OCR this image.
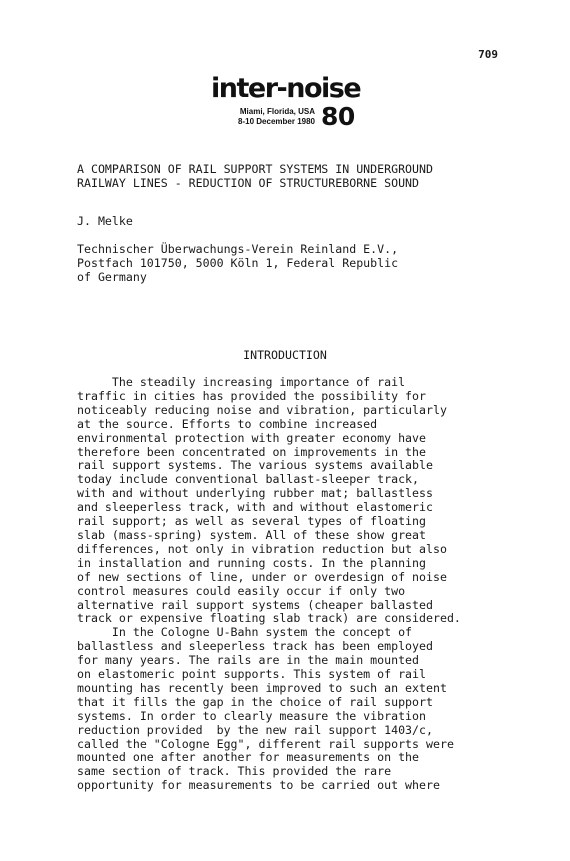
709
inter-noise
Miami, Florida, USA
8-10 December 1980 80
A COMPARISON OF RAIL SUPPORT SYSTEMS IN UNDERGROUND
RAILWAY LINES - REDUCTION OF STRUCTUREBORNE SOUND
J. Melke
Technischer Überwachungs-Verein Reinland E.V.,
Postfach 101750, 5000 Köln 1, Federal Republic
of Germany
INTRODUCTION
The steadily increasing importance of rail
traffic in cities has provided the possibility for
noticeably reducing noise and vibration, particularly
at the source. Efforts to combine increased
environmental protection with greater economy have
therefore been concentrated on improvements in the
rail support systems. The various systems available
today include conventional ballast-sleeper track,
with and without underlying rubber mat; ballastless
and sleeperless track, with and without elastomeric
rail support; as well as several types of floating
slab (mass-spring) system. All of these show great
differences, not only in vibration reduction but also
in installation and running costs. In the planning
of new sections of line, under or overdesign of noise
control measures could easily occur if only two
alternative rail support systems (cheaper ballasted
track or expensive floating slab track) are considered.
In the Cologne U-Bahn system the concept of
ballastless and sleeperless track has been employed
for many years. The rails are in the main mounted
on elastomeric point supports. This system of rail
mounting has recently been improved to such an extent
that it fills the gap in the choice of rail support
systems. In order to clearly measure the vibration
reduction provided  by the new rail support 1403/c,
called the "Cologne Egg", different rail supports were
mounted one after another for measurements on the
same section of track. This provided the rare
opportunity for measurements to be carried out where
